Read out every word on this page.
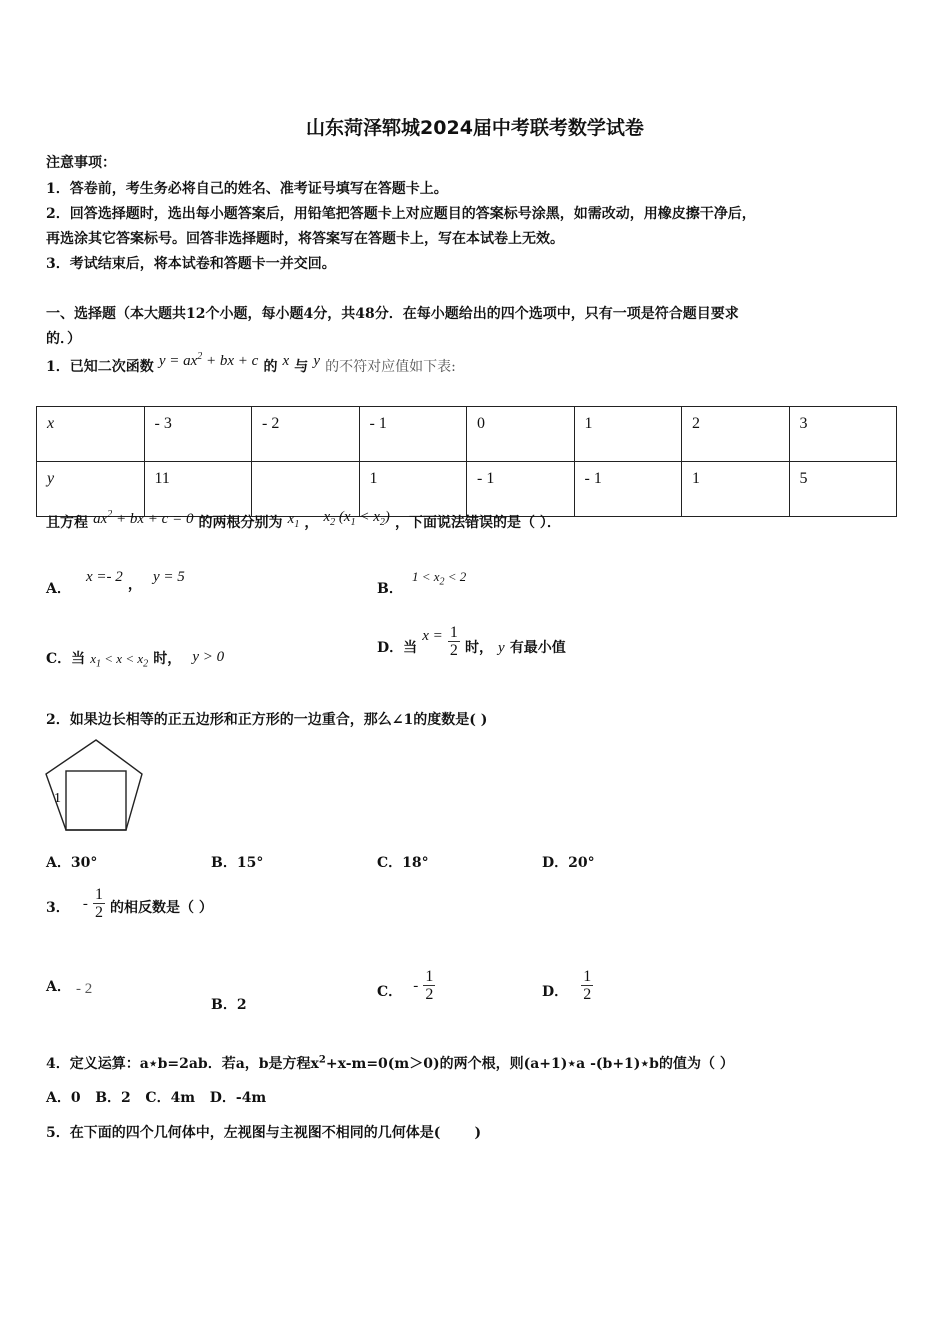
山东菏泽郓城2024届中考联考数学试卷
注意事项：
1．答卷前，考生务必将自己的姓名、准考证号填写在答题卡上。
2．回答选择题时，选出每小题答案后，用铅笔把答题卡上对应题目的答案标号涂黑，如需改动，用橡皮擦干净后，
再选涂其它答案标号。回答非选择题时，将答案写在答题卡上，写在本试卷上无效。
3．考试结束后，将本试卷和答题卡一并交回。
一、选择题（本大题共12个小题，每小题4分，共48分．在每小题给出的四个选项中，只有一项是符合题目要求
的．）
1．已知二次函数 $y = ax^2$ + bx + c 的 x 与 y 的不符对应值如下表:
x	- 3	- 2	- 1	0	1	2	3
y	11		1	- 1	- 1	1	5
且方程 $ax^2$ + bx + c = 0 的两根分别为 $x_1$ ， $x_2$ $(x_1 < x_2)$ ，下面说法错误的是（ ）．
A． x =- 2 ， y = 5
B． $1 < x_2 < 2$
C．当 $x_1 < x < x_2$ 时， y > 0
D．当 $x = \frac{1}{2}$ 时， y 有最小值
2．如果边长相等的正五边形和正方形的一边重合，那么∠1的度数是( )
1
A．30°	B．15°	C．18°	D．20°
3． - $\frac{1}{2}$ 的相反数是（ ）
A． - 2
B．2
C． - $\frac{1}{2}$	D． $\frac{1}{2}$
4．定义运算：a⋆b=2ab．若a，b是方程$x^2+x-m=0(m>0)$的两个根，则(a+1)⋆a -(b+1)⋆b的值为（ ）
A．0   B．2   C．4m   D．-4m
5．在下面的四个几何体中，左视图与主视图不相同的几何体是(       )
